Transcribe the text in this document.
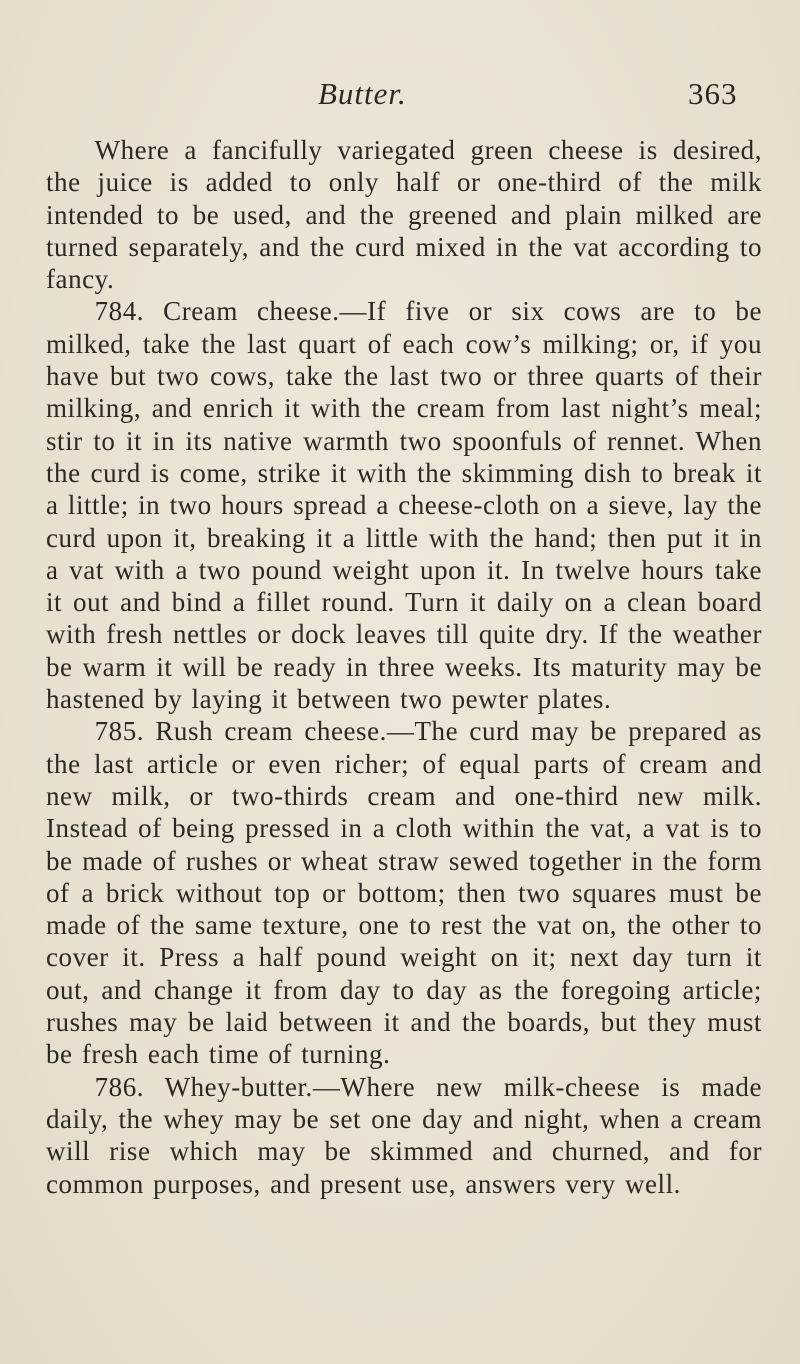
Butter.	363

Where a fancifully variegated green cheese is desired, the juice is added to only half or one-third of the milk intended to be used, and the greened and plain milked are turned separately, and the curd mixed in the vat according to fancy.

784. Cream cheese.—If five or six cows are to be milked, take the last quart of each cow’s milking; or, if you have but two cows, take the last two or three quarts of their milking, and enrich it with the cream from last night’s meal; stir to it in its native warmth two spoonfuls of rennet. When the curd is come, strike it with the skimming dish to break it a little; in two hours spread a cheese-cloth on a sieve, lay the curd upon it, breaking it a little with the hand; then put it in a vat with a two pound weight upon it. In twelve hours take it out and bind a fillet round. Turn it daily on a clean board with fresh nettles or dock leaves till quite dry. If the weather be warm it will be ready in three weeks. Its maturity may be hastened by laying it between two pewter plates.

785. Rush cream cheese.—The curd may be prepared as the last article or even richer; of equal parts of cream and new milk, or two-thirds cream and one-third new milk. Instead of being pressed in a cloth within the vat, a vat is to be made of rushes or wheat straw sewed together in the form of a brick without top or bottom; then two squares must be made of the same texture, one to rest the vat on, the other to cover it. Press a half pound weight on it; next day turn it out, and change it from day to day as the foregoing article; rushes may be laid between it and the boards, but they must be fresh each time of turning.

786. Whey-butter.—Where new milk-cheese is made daily, the whey may be set one day and night, when a cream will rise which may be skimmed and churned, and for common purposes, and present use, answers very well.
